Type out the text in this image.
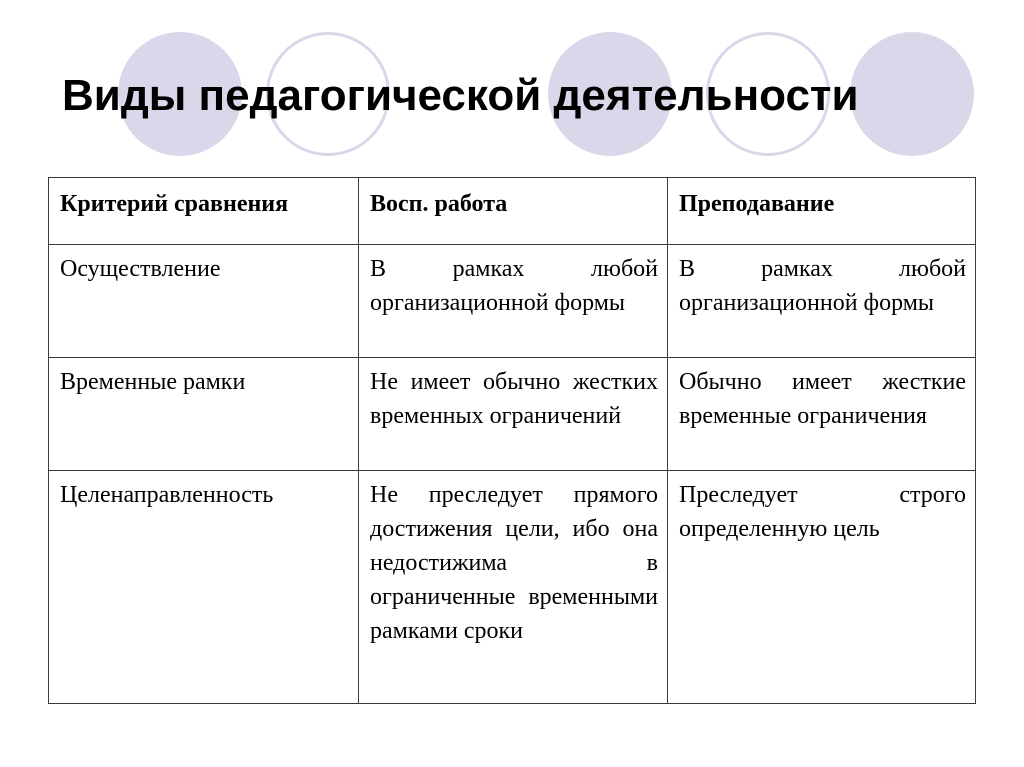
Виды педагогической деятельности
Критерий сравнения	Восп. работа	Преподавание
Осуществление	В рамках любой организационной формы	В рамках любой организационной формы
Временные рамки	Не имеет обычно жестких временных ограничений	Обычно имеет жесткие временные ограничения
Целенаправленность	Не преследует прямого достижения цели, ибо она недостижима в ограниченные временными рамками сроки	Преследует строго определенную цель
